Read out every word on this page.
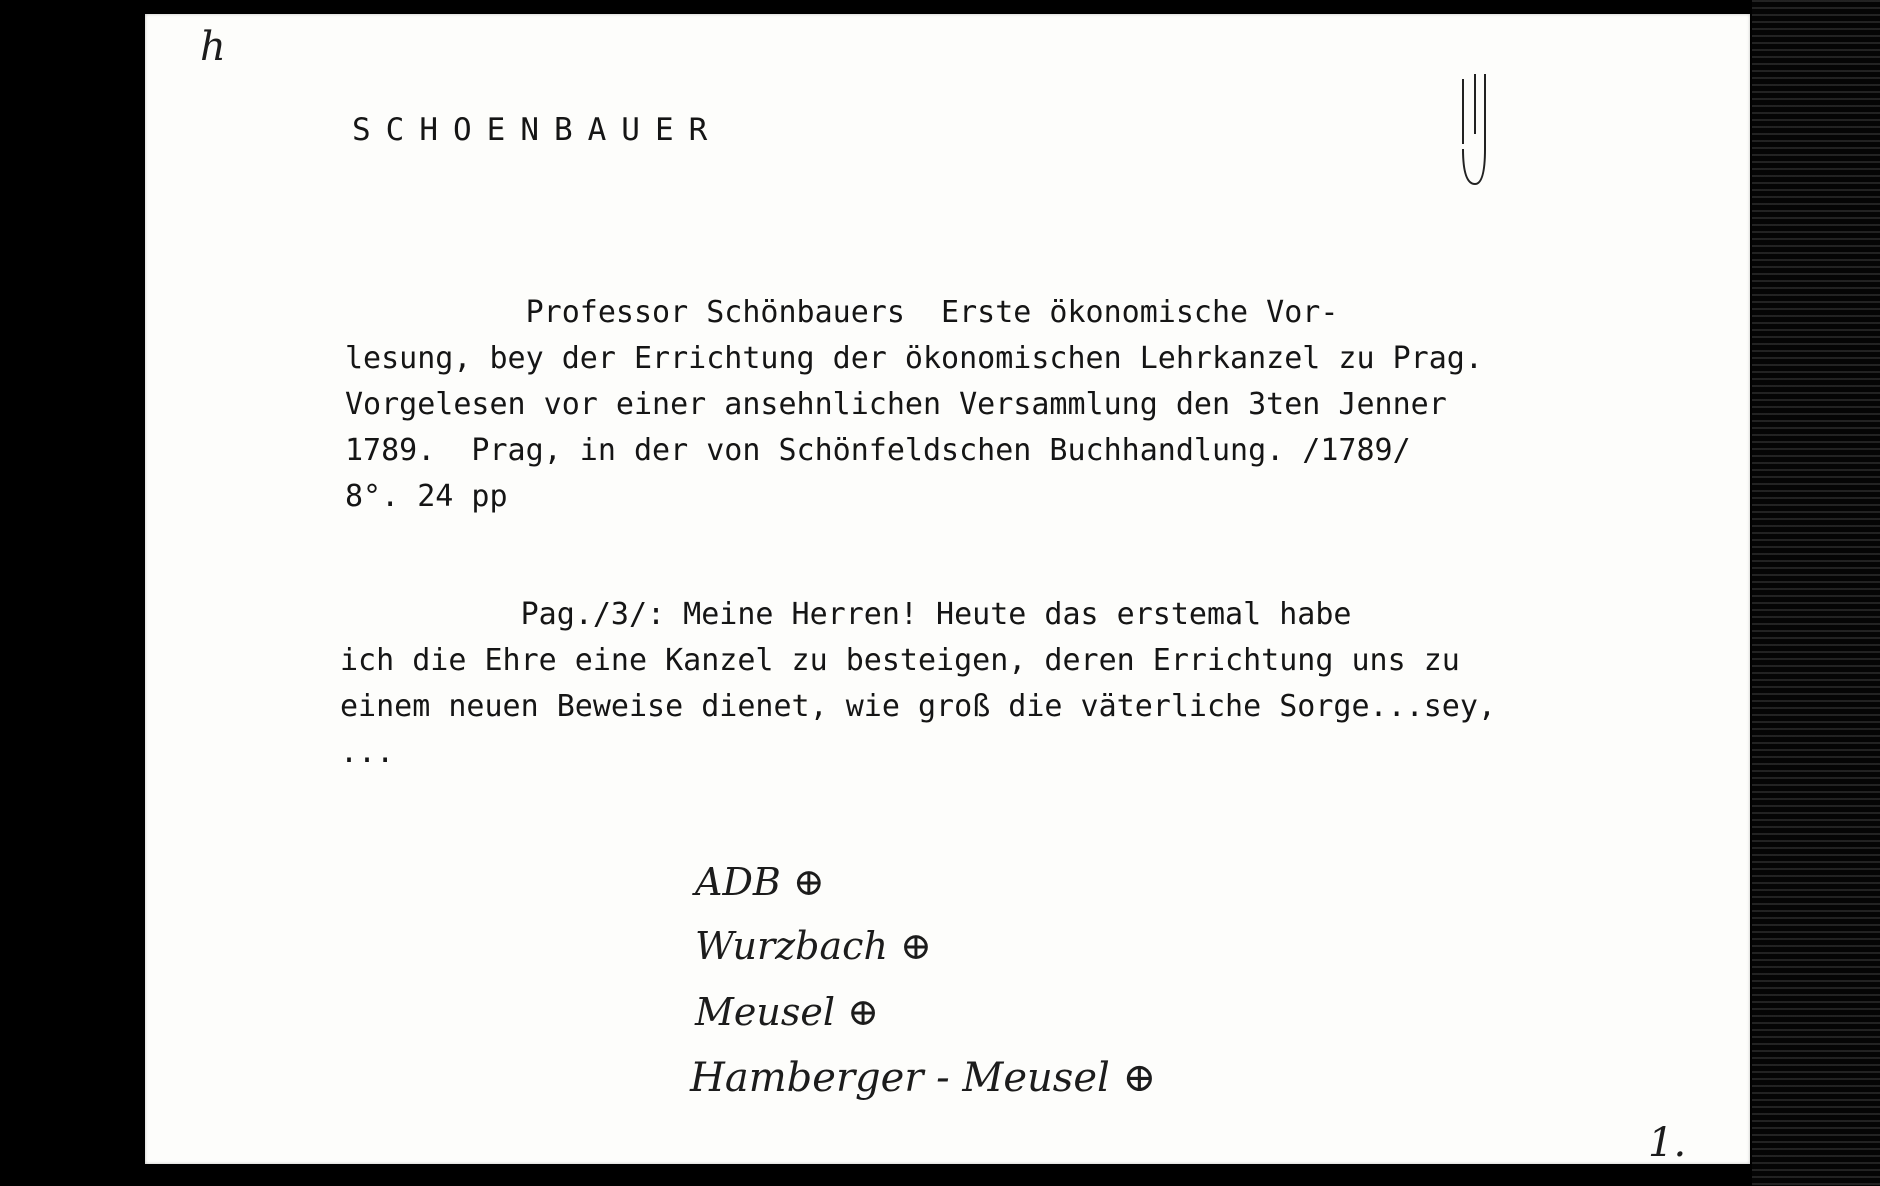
h
SCHOENBAUER
Professor Schönbauers  Erste ökonomische Vor-
lesung, bey der Errichtung der ökonomischen Lehrkanzel zu Prag.
Vorgelesen vor einer ansehnlichen Versammlung den 3ten Jenner
1789.  Prag, in der von Schönfeldschen Buchhandlung. /1789/
8°. 24 pp
Pag./3/: Meine Herren! Heute das erstemal habe
ich die Ehre eine Kanzel zu besteigen, deren Errichtung uns zu
einem neuen Beweise dienet, wie groß die väterliche Sorge...sey,
...
ADB ⊕
Wurzbach ⊕
Meusel ⊕
Hamberger - Meusel ⊕
1.
